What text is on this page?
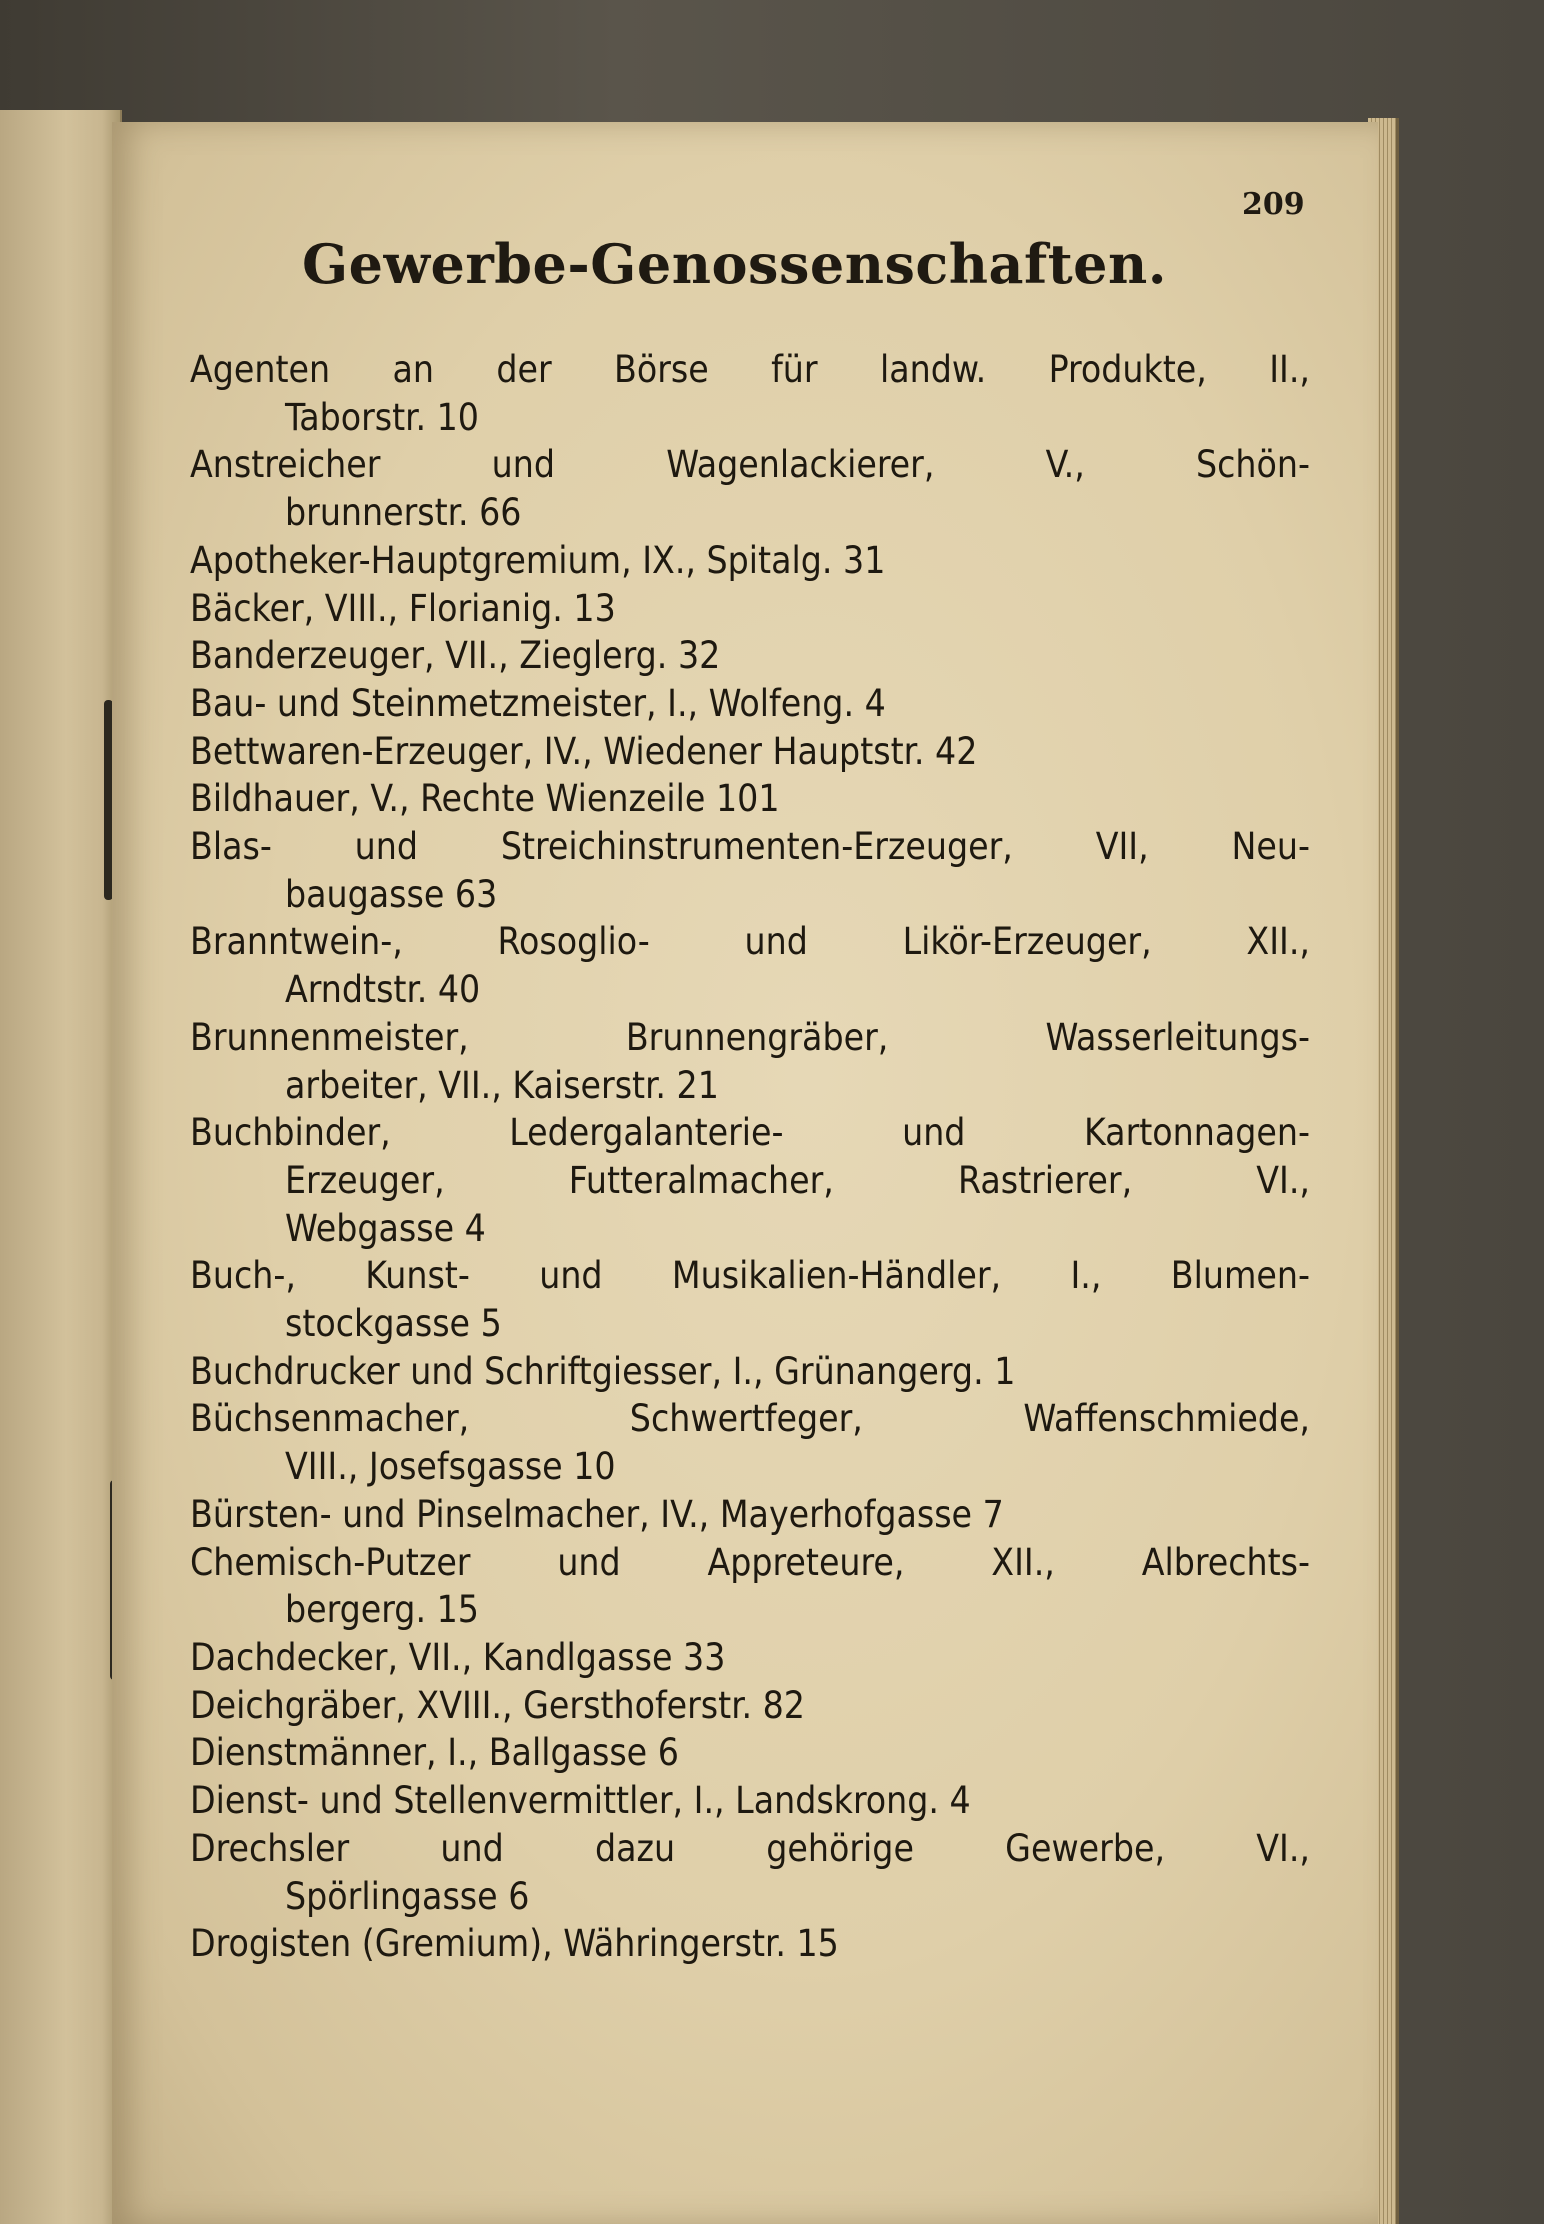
209
Gewerbe-Genossenschaften.
Agenten an der Börse für landw. Produkte, II.,
Taborstr. 10
Anstreicher und Wagenlackierer, V., Schön-
brunnerstr. 66
Apotheker-Hauptgremium, IX., Spitalg. 31
Bäcker, VIII., Florianig. 13
Banderzeuger, VII., Zieglerg. 32
Bau- und Steinmetzmeister, I., Wolfeng. 4
Bettwaren-Erzeuger, IV., Wiedener Hauptstr. 42
Bildhauer, V., Rechte Wienzeile 101
Blas- und Streichinstrumenten-Erzeuger, VII, Neu-
baugasse 63
Branntwein-, Rosoglio- und Likör-Erzeuger, XII.,
Arndtstr. 40
Brunnenmeister, Brunnengräber, Wasserleitungs-
arbeiter, VII., Kaiserstr. 21
Buchbinder, Ledergalanterie- und Kartonnagen-
Erzeuger, Futteralmacher, Rastrierer, VI.,
Webgasse 4
Buch-, Kunst- und Musikalien-Händler, I., Blumen-
stockgasse 5
Buchdrucker und Schriftgiesser, I., Grünangerg. 1
Büchsenmacher, Schwertfeger, Waffenschmiede,
VIII., Josefsgasse 10
Bürsten- und Pinselmacher, IV., Mayerhofgasse 7
Chemisch-Putzer und Appreteure, XII., Albrechts-
bergerg. 15
Dachdecker, VII., Kandlgasse 33
Deichgräber, XVIII., Gersthoferstr. 82
Dienstmänner, I., Ballgasse 6
Dienst- und Stellenvermittler, I., Landskrong. 4
Drechsler und dazu gehörige Gewerbe, VI.,
Spörlingasse 6
Drogisten (Gremium), Währingerstr. 15
